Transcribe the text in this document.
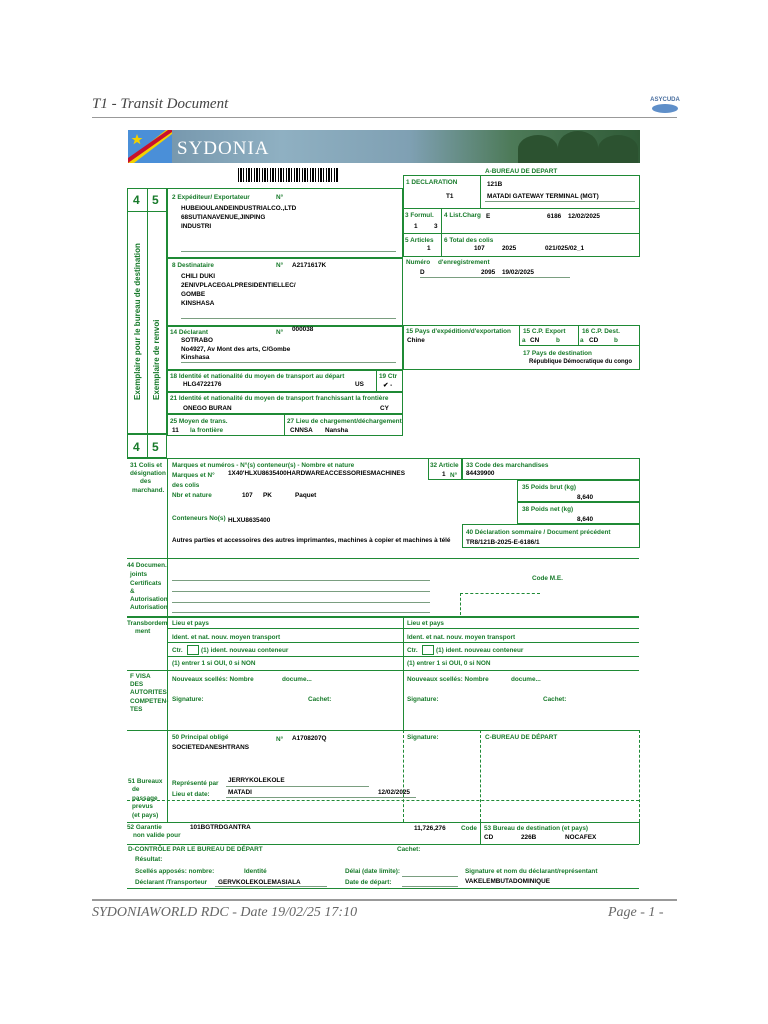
T1 - Transit Document	ASYCUDA
SYDONIA
Exemplaire pour le bureau de destination Exemplaire de renvoi
4 5
4 5
A-BUREAU DE DEPART
121B
MATADI GATEWAY TERMINAL (MGT)
1 DECLARATION
T1
3 Formul.
1	3
4 List.Charg E	6186 12/02/2025
5 Articles
1
6 Total des colis
107	2025	021/025/02_1
2 Expéditeur/ Exportateur	N°
HUBEIOULANDEINDUSTRIALCO.,LTD
68SUTIANAVENUE,JINPING
INDUSTRI
8 Destinataire	N° A2171617K
CHILI DUKI
2ENIVPLACEGALPRESIDENTIELLEC/
GOMBE
KINSHASA
Numéro d'enregistrement
D	2095 19/02/2025
14 Déclarant	N° 000038
SOTRABO
No4927, Av Mont des arts, C/Gombe
Kinshasa
15 Pays d'expédition/d'exportation
Chine
15 C.P. Export
a CN	b
16 C.P. Dest.
a CD b
17 Pays de destination
République Démocratique du congo
18 Identité et nationalité du moyen de transport au départ
HLG4722176	US
19 Ctr
✔ -
21 Identité et nationalité du moyen de transport franchissant la frontière
ONEGO BURAN	CY
25 Moyen de trans.
11 la frontière
27 Lieu de chargement/déchargement
CNNSA Nansha
31 Colis et
désignation
des
marchand.
Marques et numéros - N°(s) conteneur(s) - Nombre et nature
Marques et N° 1X40'HLXU8635400HARDWAREACCESSORIESMACHINES
des colis
Nbr et nature	107 PK	Paquet
Conteneurs No(s) HLXU8635400
Autres parties et accessoires des autres imprimantes, machines à copier et machines à télé
32 Article
1 N°
33 Code des marchandises
84439900
35 Poids brut (kg)
8,640
38 Poids net (kg)
8,640
40 Déclaration sommaire / Document précédent
TR8/121B-2025-E-6186/1
44 Documen.
joints
Certificats
&
Autorisation
Autorisation
Code M.E.
Transbordem
ment
Lieu et pays	Lieu et pays
Ident. et nat. nouv. moyen transport	Ident. et nat. nouv. moyen transport
Ctr.	(1) ident. nouveau conteneur	Ctr.	(1) ident. nouveau conteneur
(1) entrer 1 si OUI, 0 si NON	(1) entrer 1 si OUI, 0 si NON
F VISA
DES
AUTORITES
COMPETEN-
TES
Nouveaux scellés: Nombre	docume...	Nouveaux scellés: Nombre	docume...
Signature:	Cachet:	Signature:	Cachet:
50 Principal obligé	N° A1708207Q
SOCIETEDANESHTRANS
Signature:	C-BUREAU DE DÉPART
Représenté par JERRYKOLEKOLE
Lieu et date:	MATADI	12/02/2025
51 Bureaux
de
passage
prevus
(et pays)
52 Garantie
non valide pour
101BGTRDGANTRA	11,726,276 Code 53 Bureau de destination (et pays)
CD	226B	NOCAFEX
D-CONTRÔLE PAR LE BUREAU DE DÉPART	Cachet:
Résultat:
Scellés apposés: nombre:	Identité	Délai (date limite):	Signature et nom du déclarant/représentant
Déclarant /Transporteur GERVKOLEKOLEMASIALA	Date de départ:	VAKELEMBUTADOMINIQUE
SYDONIAWORLD RDC - Date 19/02/25 17:10	Page - 1 -
